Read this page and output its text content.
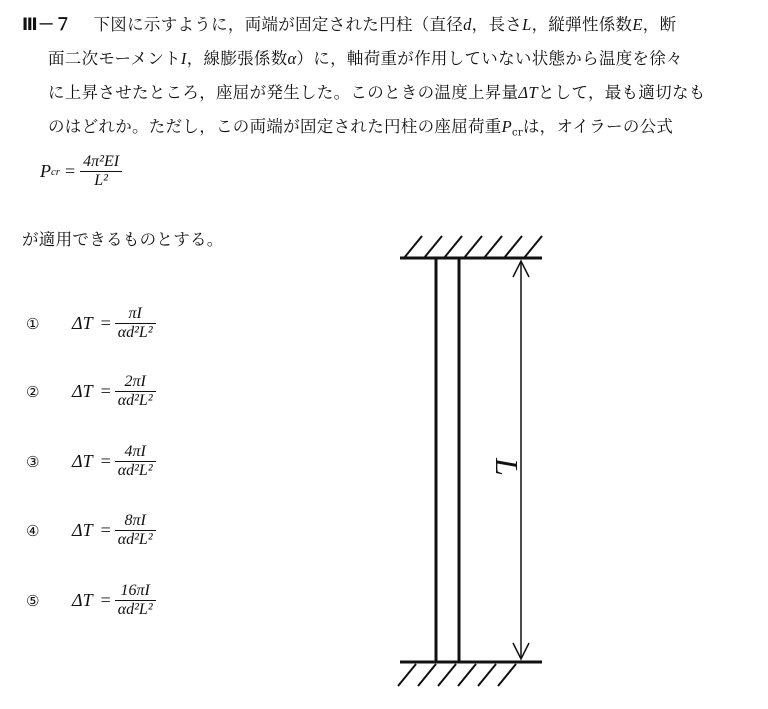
Ⅲ－７ 下図に示すように，両端が固定された円柱（直径d，長さL，縦弾性係数E，断
面二次モーメントI，線膨張係数α）に，軸荷重が作用していない状態から温度を徐々
に上昇させたところ，座屈が発生した。このときの温度上昇量ΔTとして，最も適切なも
のはどれか。ただし，この両端が固定された円柱の座屈荷重$P_{cr}$は，オイラーの公式
P cr = $\frac{\text{4π²EI}}{\text{L²}}$
が適用できるものとする。
①	$\Delta T = \frac{\pi I}{\text{αd²L²}}$
②	$\Delta T = \frac{2\pi I}{\text{αd²L²}}$
③	$\Delta T = \frac{4\pi I}{\text{αd²L²}}$
④	$\Delta T = \frac{8\pi I}{\text{αd²L²}}$
⑤	$\Delta T = \frac{16\pi I}{\text{αd²L²}}$
L
